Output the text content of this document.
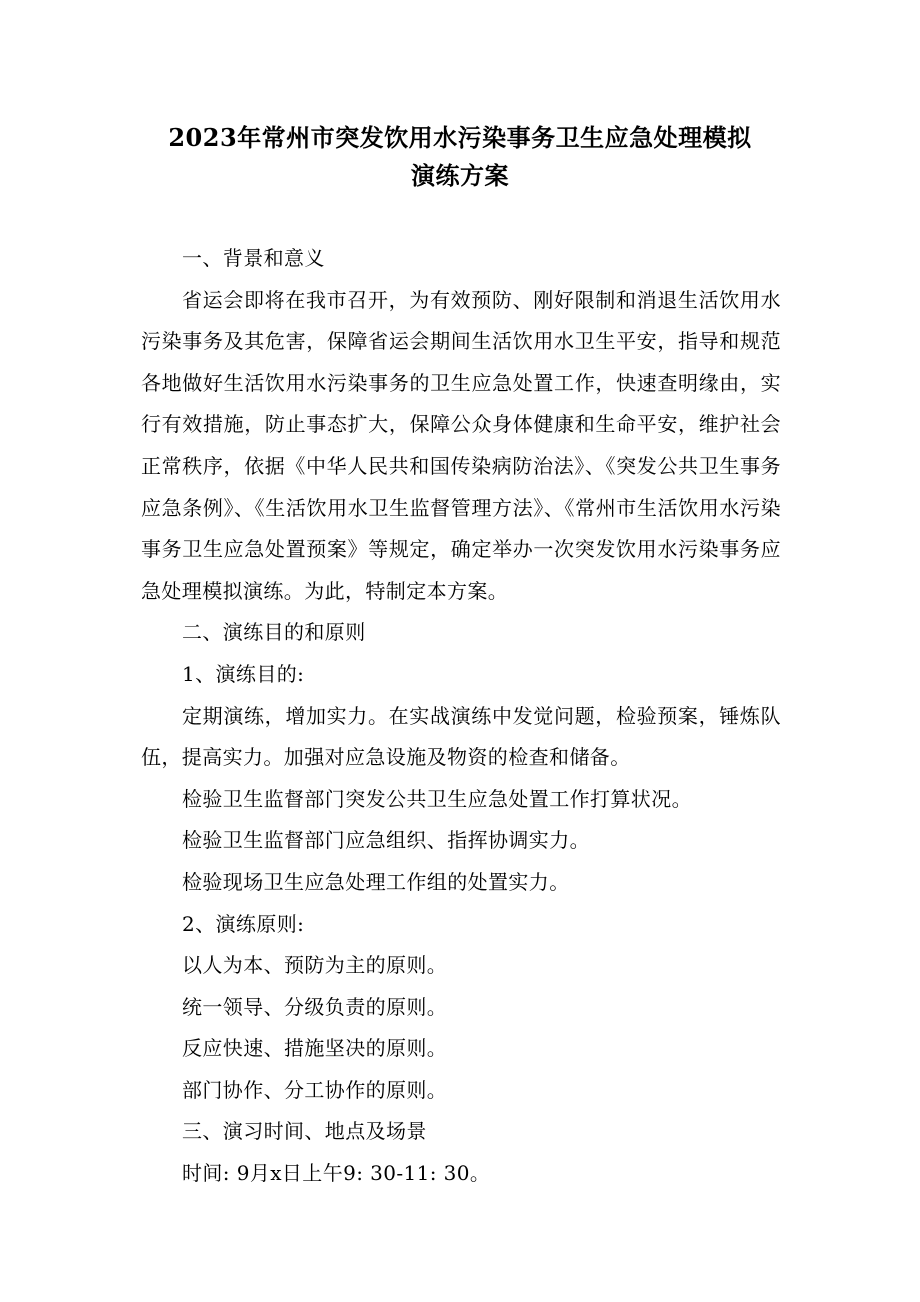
2023年常州市突发饮用水污染事务卫生应急处理模拟
演练方案

一、背景和意义

省运会即将在我市召开，为有效预防、刚好限制和消退生活饮用水污染事务及其危害，保障省运会期间生活饮用水卫生平安，指导和规范各地做好生活饮用水污染事务的卫生应急处置工作，快速查明缘由，实行有效措施，防止事态扩大，保障公众身体健康和生命平安，维护社会正常秩序，依据《中华人民共和国传染病防治法》、《突发公共卫生事务应急条例》、《生活饮用水卫生监督管理方法》、《常州市生活饮用水污染事务卫生应急处置预案》等规定，确定举办一次突发饮用水污染事务应急处理模拟演练。为此，特制定本方案。

二、演练目的和原则

1、演练目的:

定期演练，增加实力。在实战演练中发觉问题，检验预案，锤炼队伍，提高实力。加强对应急设施及物资的检查和储备。

检验卫生监督部门突发公共卫生应急处置工作打算状况。

检验卫生监督部门应急组织、指挥协调实力。

检验现场卫生应急处理工作组的处置实力。

2、演练原则:

以人为本、预防为主的原则。

统一领导、分级负责的原则。

反应快速、措施坚决的原则。

部门协作、分工协作的原则。

三、演习时间、地点及场景

时间: 9月x日上午9: 30-11: 30。
